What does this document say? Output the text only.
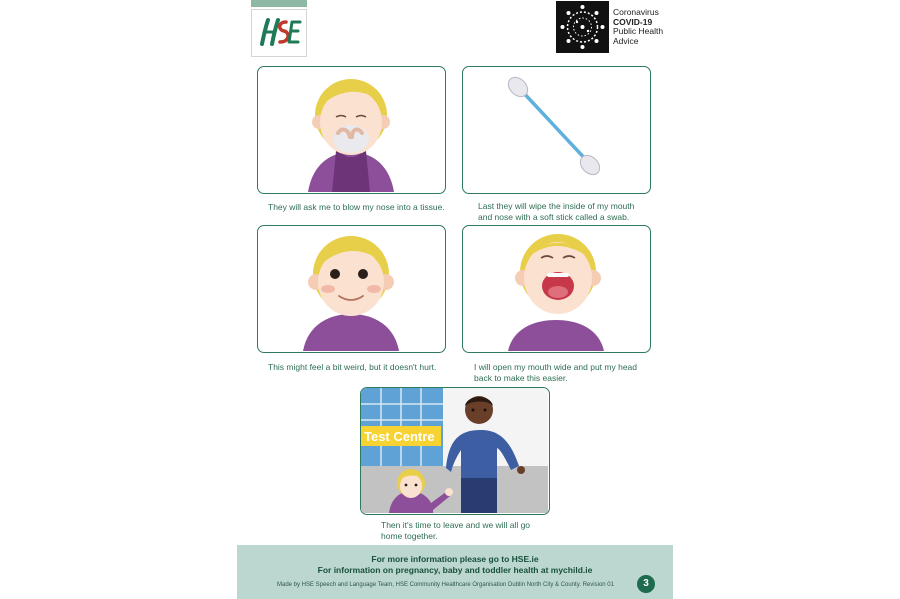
Coronavirus
COVID-19
Public Health
Advice
They will ask me to blow my nose into a tissue.	Last they will wipe the inside of my mouth
and nose with a soft stick called a swab.
This might feel a bit weird, but it doesn't hurt.	I will open my mouth wide and put my head
back to make this easier.
Test Centre
Then it's time to leave and we will all go
home together.
For more information please go to HSE.ie
For information on pregnancy, baby and toddler health at mychild.ie
Made by HSE Speech and Language Team, HSE Community Healthcare Organisation Dublin North City & County. Revision 01	3
